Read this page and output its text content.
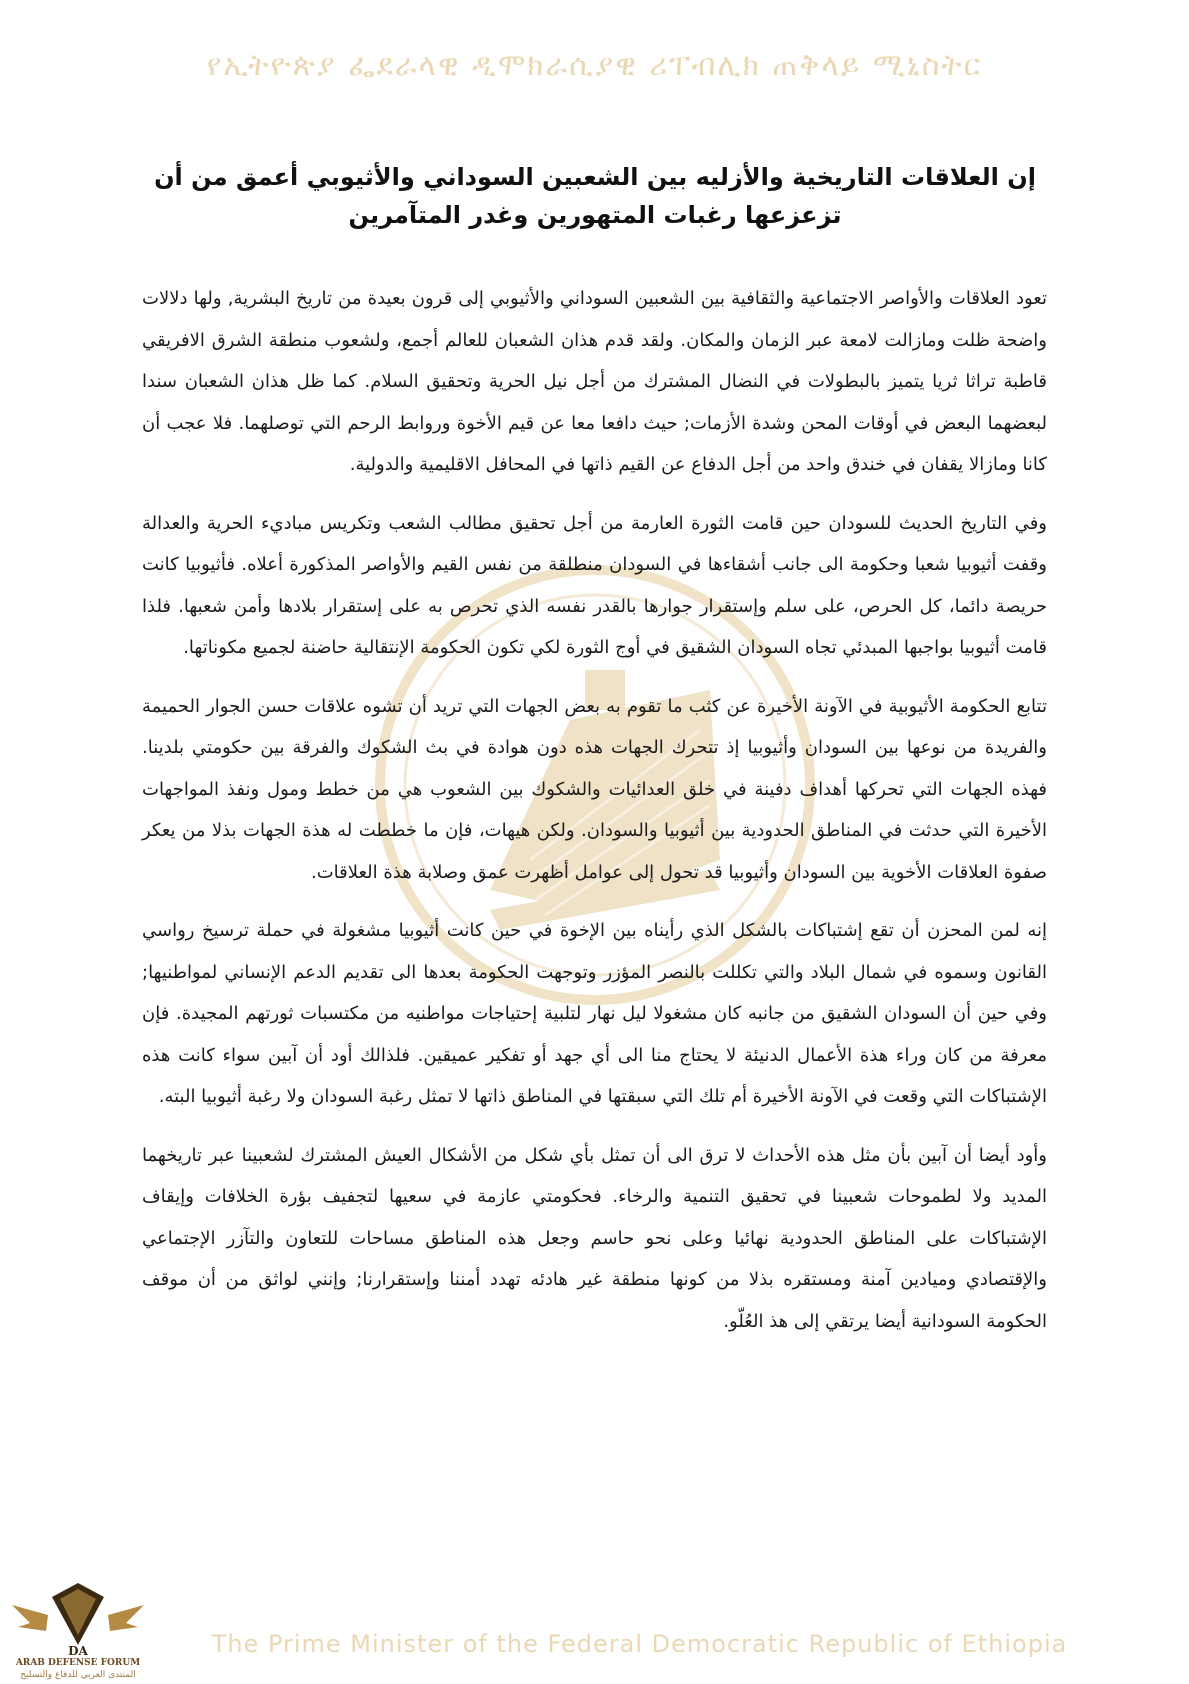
የኢትዮጵያ ፌደራላዊ ዲሞክራሲያዊ ሪፐብሊክ ጠቅላይ ሚኒስትር
إن العلاقات التاريخية والأزليه بين الشعبين السوداني والأثيوبي أعمق من أن تزعزعها رغبات المتهورين وغدر المتآمرين

تعود العلاقات والأواصر الاجتماعية والثقافية بين الشعبين السوداني والأثيوبي إلى قرون بعيدة من تاريخ البشرية, ولها دلالات واضحة ظلت ومازالت لامعة عبر الزمان والمكان. ولقد قدم هذان الشعبان للعالم أجمع، ولشعوب منطقة الشرق الافريقي قاطبة تراثا ثريا يتميز بالبطولات في النضال المشترك من أجل نيل الحرية وتحقيق السلام. كما ظل هذان الشعبان سندا لبعضهما البعض في أوقات المحن وشدة الأزمات; حيث دافعا معا عن قيم الأخوة وروابط الرحم التي توصلهما. فلا عجب أن كانا ومازالا يقفان في خندق واحد من أجل الدفاع عن القيم ذاتها في المحافل الاقليمية والدولية.

وفي التاريخ الحديث للسودان حين قامت الثورة العارمة من أجل تحقيق مطالب الشعب وتكريس مباديء الحرية والعدالة وقفت أثيوبيا شعبا وحكومة الى جانب أشقاءها في السودان منطلقة من نفس القيم والأواصر المذكورة أعلاه. فأثيوبيا كانت حريصة دائما، كل الحرص، على سلم وإستقرار جوارها بالقدر نفسه الذي تحرص به على إستقرار بلادها وأمن شعبها. فلذا قامت أثيوبيا بواجبها المبدئي تجاه السودان الشقيق في أوج الثورة لكي تكون الحكومة الإنتقالية حاضنة لجميع مكوناتها.

تتابع الحكومة الأثيوبية في الآونة الأخيرة عن كثب ما تقوم به بعض الجهات التي تريد أن تشوه علاقات حسن الجوار الحميمة والفريدة من نوعها بين السودان وأثيوبيا إذ تتحرك الجهات هذه دون هوادة في بث الشكوك والفرقة بين حكومتي بلدينا. فهذه الجهات التي تحركها أهداف دفينة في خلق العدائيات والشكوك بين الشعوب هي من خطط ومول ونفذ المواجهات الأخيرة التي حدثت في المناطق الحدودية بين أثيوبيا والسودان. ولكن هيهات، فإن ما خططت له هذة الجهات بذلا من يعكر صفوة العلاقات الأخوية بين السودان وأثيوبيا قد تحول إلى عوامل أظهرت عمق وصلابة هذة العلاقات.

إنه لمن المحزن أن تقع إشتباكات بالشكل الذي رأيناه بين الإخوة في حين كانت أثيوبيا مشغولة في حملة ترسيخ رواسي القانون وسموه في شمال البلاد والتي تكللت بالنصر المؤزر وتوجهت الحكومة بعدها الى تقديم الدعم الإنساني لمواطنيها; وفي حين أن السودان الشقيق من جانبه كان مشغولا ليل نهار لتلبية إحتياجات مواطنيه من مكتسبات ثورتهم المجيدة. فإن معرفة من كان وراء هذة الأعمال الدنيئة لا يحتاج منا الى أي جهد أو تفكير عميقين. فلذالك أود أن آبين سواء كانت هذه الإشتباكات التي وقعت في الآونة الأخيرة أم تلك التي سبقتها في المناطق ذاتها لا تمثل رغبة السودان ولا رغبة أثيوبيا البته.

وأود أيضا أن آبين بأن مثل هذه الأحداث لا ترق الى أن تمثل بأي شكل من الأشكال العيش المشترك لشعبينا عبر تاريخهما المديد ولا لطموحات شعبينا في تحقيق التنمية والرخاء. فحكومتي عازمة في سعيها لتجفيف بؤرة الخلافات وإيقاف الإشتباكات على المناطق الحدودية نهائيا وعلى نحو حاسم وجعل هذه المناطق مساحات للتعاون والتآزر الإجتماعي والإقتصادي وميادين آمنة ومستقره بذلا من كونها منطقة غير هادئه تهدد أمننا وإستقرارنا; وإنني لواثق من أن موقف الحكومة السودانية أيضا يرتقي إلى هذ العُلّو.

The Prime Minister of the Federal Democratic Republic of Ethiopia
DA
ARAB DEFENSE FORUM
المنتدى العربي للدفاع والتسليح
